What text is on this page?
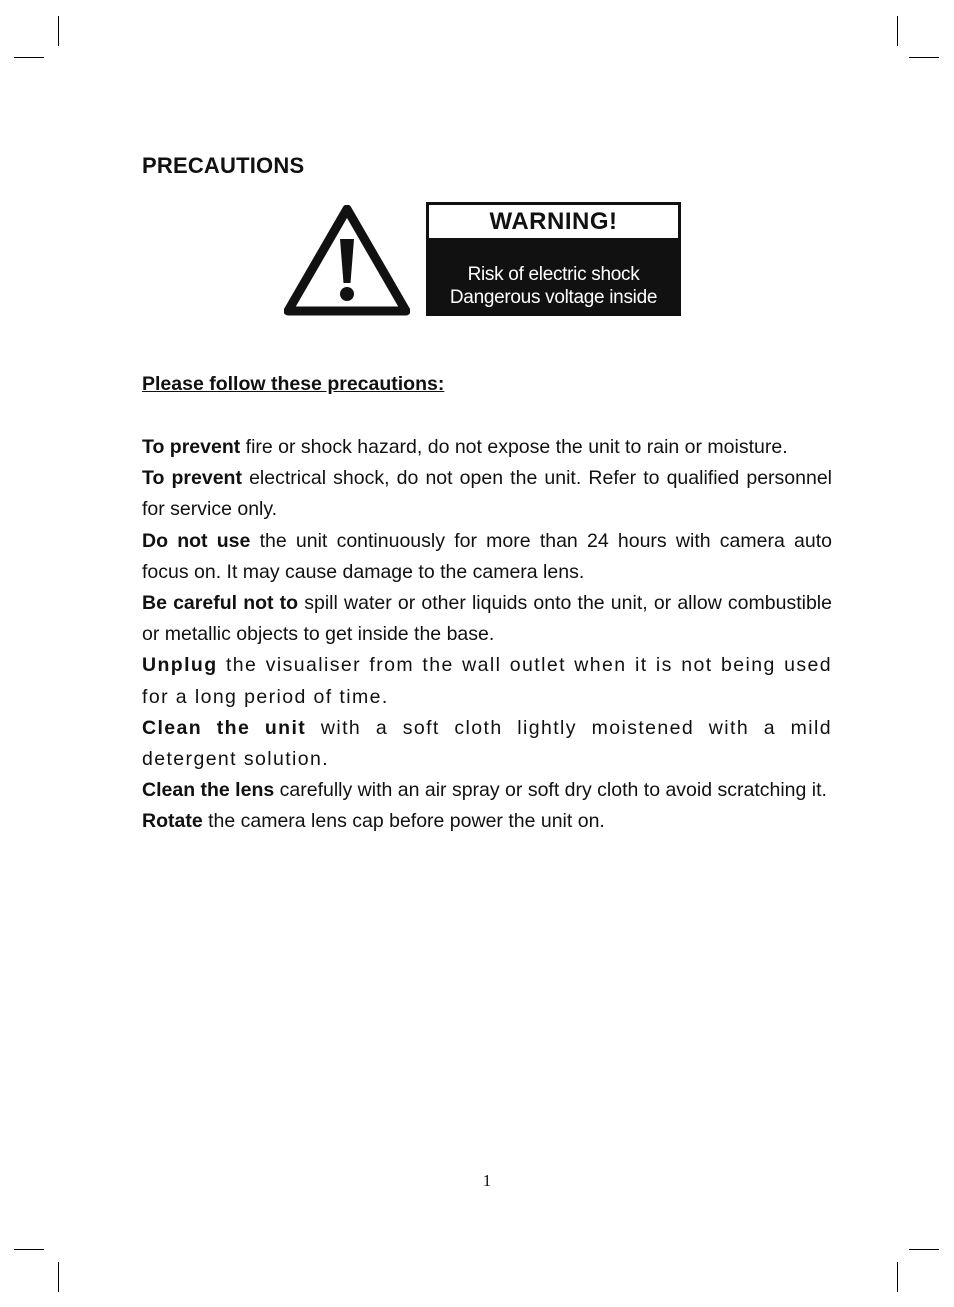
PRECAUTIONS
WARNING!
Risk of electric shock
Dangerous voltage inside
Please follow these precautions:

To prevent fire or shock hazard, do not expose the unit to rain or moisture.

To prevent electrical shock, do not open the unit. Refer to qualified personnel for service only.

Do not use the unit continuously for more than 24 hours with camera auto focus on. It may cause damage to the camera lens.

Be careful not to spill water or other liquids onto the unit, or allow combustible or metallic objects to get inside the base.

Unplug the visualiser from the wall outlet when it is not being used for a long period of time.

Clean the unit with a soft cloth lightly moistened with a mild detergent solution.

Clean the lens carefully with an air spray or soft dry cloth to avoid scratching it.

Rotate the camera lens cap before power the unit on.

1
